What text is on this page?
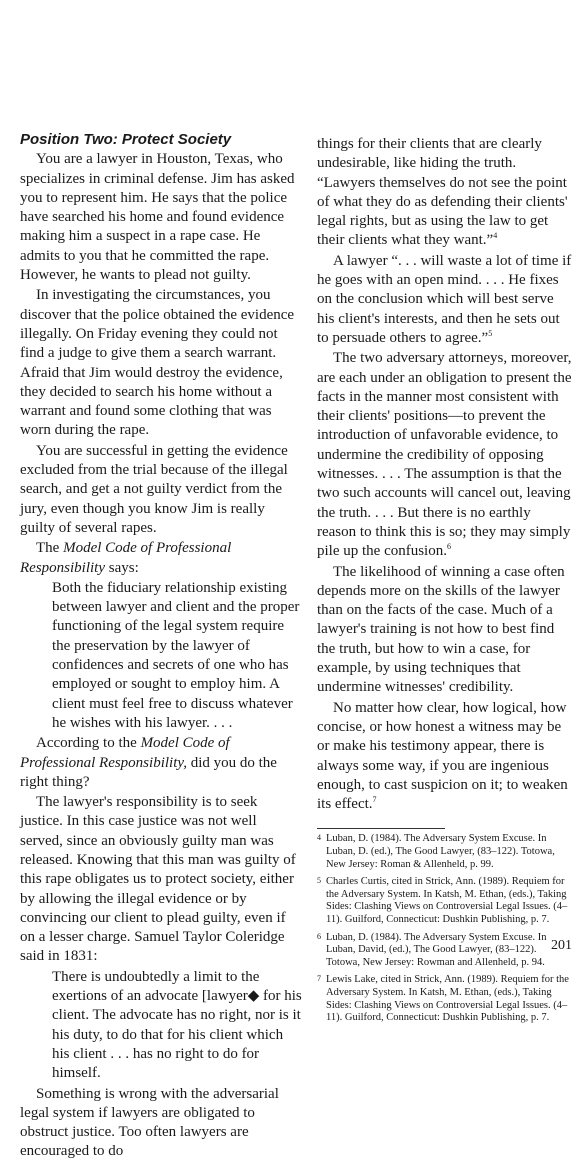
Position Two: Protect Society

You are a lawyer in Houston, Texas, who specializes in criminal defense. Jim has asked you to represent him. He says that the police have searched his home and found evidence making him a suspect in a rape case. He admits to you that he committed the rape. However, he wants to plead not guilty.

In investigating the circumstances, you discover that the police obtained the evidence illegally. On Friday evening they could not find a judge to give them a search warrant. Afraid that Jim would destroy the evidence, they decided to search his home without a warrant and found some clothing that was worn during the rape.

You are successful in getting the evidence excluded from the trial because of the illegal search, and get a not guilty verdict from the jury, even though you know Jim is really guilty of several rapes.

The Model Code of Professional Responsibility says:

Both the fiduciary relationship existing between lawyer and client and the proper functioning of the legal system require the preservation by the lawyer of confidences and secrets of one who has employed or sought to employ him. A client must feel free to discuss whatever he wishes with his lawyer. . . .

According to the Model Code of Professional Responsibility, did you do the right thing?

The lawyer's responsibility is to seek justice. In this case justice was not well served, since an obviously guilty man was released. Knowing that this man was guilty of this rape obligates us to protect society, either by allowing the illegal evidence or by convincing our client to plead guilty, even if on a lesser charge. Samuel Taylor Coleridge said in 1831:

There is undoubtedly a limit to the exertions of an advocate [lawyer◆ for his client. The advocate has no right, nor is it his duty, to do that for his client which his client . . . has no right to do for himself.

Something is wrong with the adversarial legal system if lawyers are obligated to obstruct justice. Too often lawyers are encouraged to do

things for their clients that are clearly undesirable, like hiding the truth. “Lawyers themselves do not see the point of what they do as defending their clients' legal rights, but as using the law to get their clients what they want.”$^4$

A lawyer “. . . will waste a lot of time if he goes with an open mind. . . . He fixes on the conclusion which will best serve his client's interests, and then he sets out to persuade others to agree.”$^5$

The two adversary attorneys, moreover, are each under an obligation to present the facts in the manner most consistent with their clients' positions—to prevent the introduction of unfavorable evidence, to undermine the credibility of opposing witnesses. . . . The assumption is that the two such accounts will cancel out, leaving the truth. . . . But there is no earthly reason to think this is so; they may simply pile up the confusion.$^6$

The likelihood of winning a case often depends more on the skills of the lawyer than on the facts of the case. Much of a lawyer's training is not how to best find the truth, but how to win a case, for example, by using techniques that undermine witnesses' credibility.

No matter how clear, how logical, how concise, or how honest a witness may be or make his testimony appear, there is always some way, if you are ingenious enough, to cast suspicion on it; to weaken its effect.$^7$

4 Luban, D. (1984). The Adversary System Excuse. In Luban, D. (ed.), The Good Lawyer, (83–122). Totowa, New Jersey: Roman & Allenheld, p. 99.
5 Charles Curtis, cited in Strick, Ann. (1989). Requiem for the Adversary System. In Katsh, M. Ethan, (eds.), Taking Sides: Clashing Views on Controversial Legal Issues. (4–11). Guilford, Connecticut: Dushkin Publishing, p. 7.
6 Luban, D. (1984). The Adversary System Excuse. In Luban, David, (ed.), The Good Lawyer, (83–122). Totowa, New Jersey: Rowman and Allenheld, p. 94.
7 Lewis Lake, cited in Strick, Ann. (1989). Requiem for the Adversary System. In Katsh, M. Ethan, (eds.), Taking Sides: Clashing Views on Controversial Legal Issues. (4–11). Guilford, Connecticut: Dushkin Publishing, p. 7.
201
